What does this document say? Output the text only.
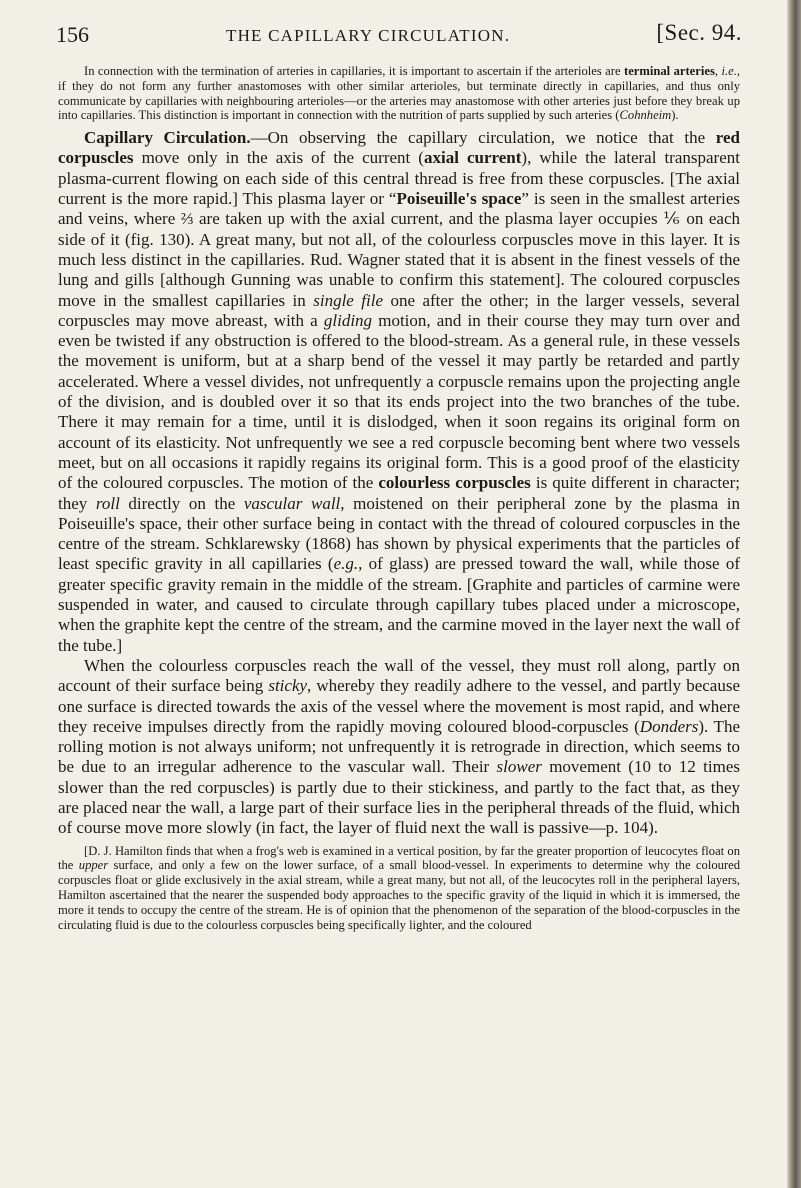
156	THE CAPILLARY CIRCULATION.	[Sec. 94.

In connection with the termination of arteries in capillaries, it is important to ascertain if the arterioles are terminal arteries, i.e., if they do not form any further anastomoses with other similar arterioles, but terminate directly in capillaries, and thus only communicate by capillaries with neighbouring arterioles—or the arteries may anastomose with other arteries just before they break up into capillaries. This distinction is important in connection with the nutrition of parts supplied by such arteries (Cohnheim).

Capillary Circulation.—On observing the capillary circulation, we notice that the red corpuscles move only in the axis of the current (axial current), while the lateral transparent plasma-current flowing on each side of this central thread is free from these corpuscles. [The axial current is the more rapid.] This plasma layer or “Poiseuille's space” is seen in the smallest arteries and veins, where ⅔ are taken up with the axial current, and the plasma layer occupies ⅙ on each side of it (fig. 130). A great many, but not all, of the colourless corpuscles move in this layer. It is much less distinct in the capillaries. Rud. Wagner stated that it is absent in the finest vessels of the lung and gills [although Gunning was unable to confirm this statement]. The coloured corpuscles move in the smallest capillaries in single file one after the other; in the larger vessels, several corpuscles may move abreast, with a gliding motion, and in their course they may turn over and even be twisted if any obstruction is offered to the blood-stream. As a general rule, in these vessels the movement is uniform, but at a sharp bend of the vessel it may partly be retarded and partly accelerated. Where a vessel divides, not unfrequently a corpuscle remains upon the projecting angle of the division, and is doubled over it so that its ends project into the two branches of the tube. There it may remain for a time, until it is dislodged, when it soon regains its original form on account of its elasticity. Not unfrequently we see a red corpuscle becoming bent where two vessels meet, but on all occasions it rapidly regains its original form. This is a good proof of the elasticity of the coloured corpuscles. The motion of the colourless corpuscles is quite different in character; they roll directly on the vascular wall, moistened on their peripheral zone by the plasma in Poiseuille's space, their other surface being in contact with the thread of coloured corpuscles in the centre of the stream. Schklarewsky (1868) has shown by physical experiments that the particles of least specific gravity in all capillaries (e.g., of glass) are pressed toward the wall, while those of greater specific gravity remain in the middle of the stream. [Graphite and particles of carmine were suspended in water, and caused to circulate through capillary tubes placed under a microscope, when the graphite kept the centre of the stream, and the carmine moved in the layer next the wall of the tube.]

When the colourless corpuscles reach the wall of the vessel, they must roll along, partly on account of their surface being sticky, whereby they readily adhere to the vessel, and partly because one surface is directed towards the axis of the vessel where the movement is most rapid, and where they receive impulses directly from the rapidly moving coloured blood-corpuscles (Donders). The rolling motion is not always uniform; not unfrequently it is retrograde in direction, which seems to be due to an irregular adherence to the vascular wall. Their slower movement (10 to 12 times slower than the red corpuscles) is partly due to their stickiness, and partly to the fact that, as they are placed near the wall, a large part of their surface lies in the peripheral threads of the fluid, which of course move more slowly (in fact, the layer of fluid next the wall is passive—p. 104).

[D. J. Hamilton finds that when a frog's web is examined in a vertical position, by far the greater proportion of leucocytes float on the upper surface, and only a few on the lower surface, of a small blood-vessel. In experiments to determine why the coloured corpuscles float or glide exclusively in the axial stream, while a great many, but not all, of the leucocytes roll in the peripheral layers, Hamilton ascertained that the nearer the suspended body approaches to the specific gravity of the liquid in which it is immersed, the more it tends to occupy the centre of the stream. He is of opinion that the phenomenon of the separation of the blood-corpuscles in the circulating fluid is due to the colourless corpuscles being specifically lighter, and the coloured
